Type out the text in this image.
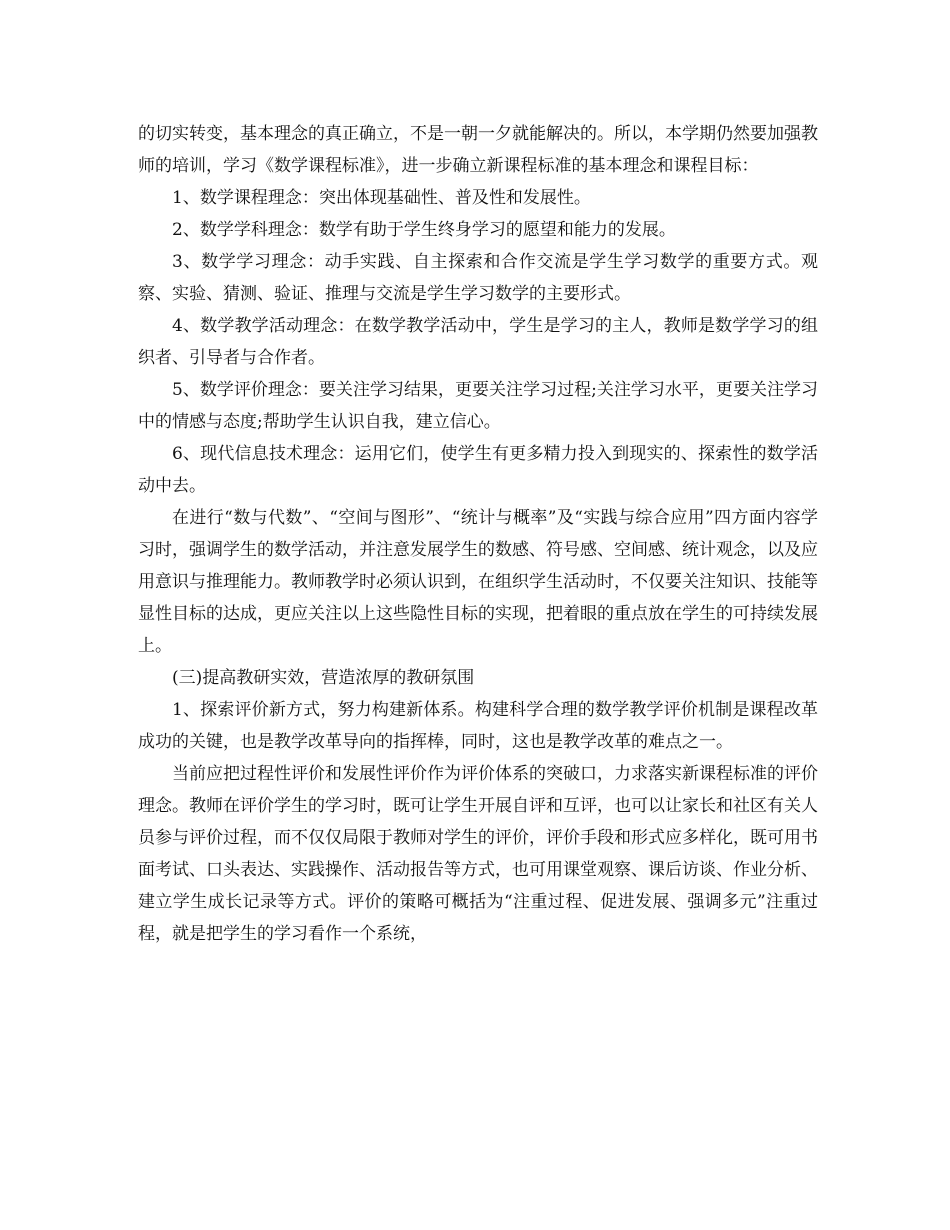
的切实转变，基本理念的真正确立，不是一朝一夕就能解决的。所以，本学期仍然要加强教师的培训，学习《数学课程标准》，进一步确立新课程标准的基本理念和课程目标：

1、数学课程理念：突出体现基础性、普及性和发展性。

2、数学学科理念：数学有助于学生终身学习的愿望和能力的发展。

3、数学学习理念：动手实践、自主探索和合作交流是学生学习数学的重要方式。观察、实验、猜测、验证、推理与交流是学生学习数学的主要形式。

4、数学教学活动理念：在数学教学活动中，学生是学习的主人，教师是数学学习的组织者、引导者与合作者。

5、数学评价理念：要关注学习结果，更要关注学习过程;关注学习水平，更要关注学习中的情感与态度;帮助学生认识自我，建立信心。

6、现代信息技术理念：运用它们，使学生有更多精力投入到现实的、探索性的数学活动中去。

在进行“数与代数”、“空间与图形”、“统计与概率”及“实践与综合应用”四方面内容学习时，强调学生的数学活动，并注意发展学生的数感、符号感、空间感、统计观念，以及应用意识与推理能力。教师教学时必须认识到，在组织学生活动时，不仅要关注知识、技能等显性目标的达成，更应关注以上这些隐性目标的实现，把着眼的重点放在学生的可持续发展上。

(三)提高教研实效，营造浓厚的教研氛围

1、探索评价新方式，努力构建新体系。构建科学合理的数学教学评价机制是课程改革成功的关键，也是教学改革导向的指挥棒，同时，这也是教学改革的难点之一。

当前应把过程性评价和发展性评价作为评价体系的突破口，力求落实新课程标准的评价理念。教师在评价学生的学习时，既可让学生开展自评和互评，也可以让家长和社区有关人员参与评价过程，而不仅仅局限于教师对学生的评价，评价手段和形式应多样化，既可用书面考试、口头表达、实践操作、活动报告等方式，也可用课堂观察、课后访谈、作业分析、建立学生成长记录等方式。评价的策略可概括为“注重过程、促进发展、强调多元”注重过程，就是把学生的学习看作一个系统，
